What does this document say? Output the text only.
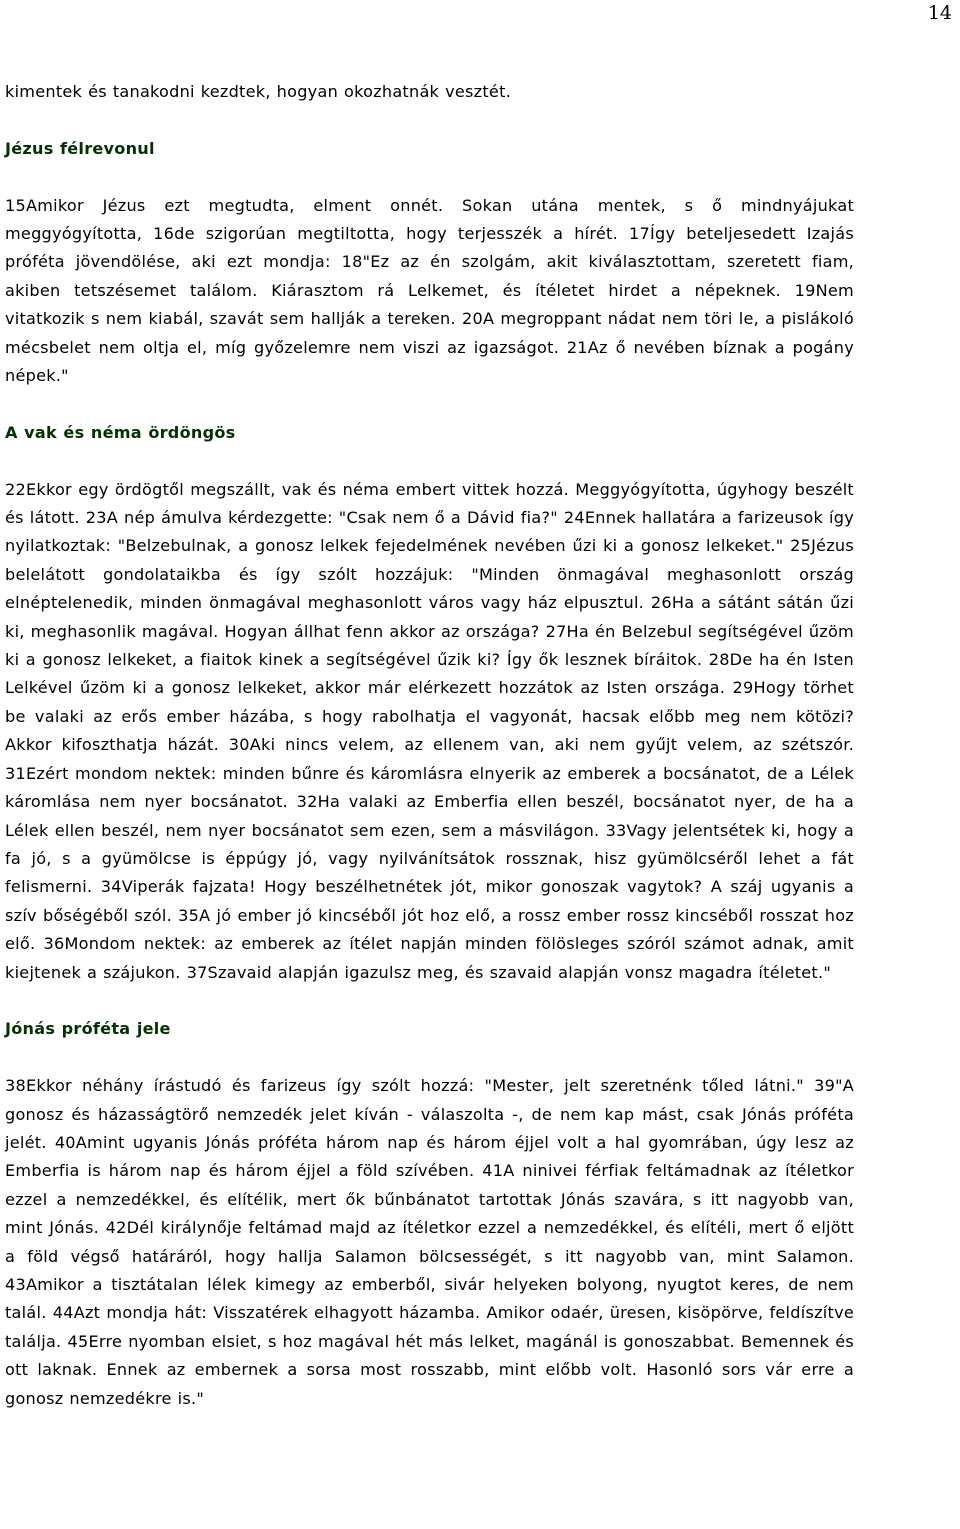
14

kimentek és tanakodni kezdtek, hogyan okozhatnák vesztét.

Jézus félrevonul

15Amikor Jézus ezt megtudta, elment onnét. Sokan utána mentek, s ő mindnyájukat meggyógyította, 16de szigorúan megtiltotta, hogy terjesszék a hírét. 17Így beteljesedett Izajás próféta jövendölése, aki ezt mondja: 18"Ez az én szolgám, akit kiválasztottam, szeretett fiam, akiben tetszésemet találom. Kiárasztom rá Lelkemet, és ítéletet hirdet a népeknek. 19Nem vitatkozik s nem kiabál, szavát sem hallják a tereken. 20A megroppant nádat nem töri le, a pislákoló mécsbelet nem oltja el, míg győzelemre nem viszi az igazságot. 21Az ő nevében bíznak a pogány népek."

A vak és néma ördöngös

22Ekkor egy ördögtől megszállt, vak és néma embert vittek hozzá. Meggyógyította, úgyhogy beszélt és látott. 23A nép ámulva kérdezgette: "Csak nem ő a Dávid fia?" 24Ennek hallatára a farizeusok így nyilatkoztak: "Belzebulnak, a gonosz lelkek fejedelmének nevében űzi ki a gonosz lelkeket." 25Jézus belelátott gondolataikba és így szólt hozzájuk: "Minden önmagával meghasonlott ország elnéptelenedik, minden önmagával meghasonlott város vagy ház elpusztul. 26Ha a sátánt sátán űzi ki, meghasonlik magával. Hogyan állhat fenn akkor az országa? 27Ha én Belzebul segítségével űzöm ki a gonosz lelkeket, a fiaitok kinek a segítségével űzik ki? Így ők lesznek bíráitok. 28De ha én Isten Lelkével űzöm ki a gonosz lelkeket, akkor már elérkezett hozzátok az Isten országa. 29Hogy törhet be valaki az erős ember házába, s hogy rabolhatja el vagyonát, hacsak előbb meg nem kötözi? Akkor kifoszthatja házát. 30Aki nincs velem, az ellenem van, aki nem gyűjt velem, az szétszór. 31Ezért mondom nektek: minden bűnre és káromlásra elnyerik az emberek a bocsánatot, de a Lélek káromlása nem nyer bocsánatot. 32Ha valaki az Emberfia ellen beszél, bocsánatot nyer, de ha a Lélek ellen beszél, nem nyer bocsánatot sem ezen, sem a másvilágon. 33Vagy jelentsétek ki, hogy a fa jó, s a gyümölcse is éppúgy jó, vagy nyilvánítsátok rossznak, hisz gyümölcséről lehet a fát felismerni. 34Viperák fajzata! Hogy beszélhetnétek jót, mikor gonoszak vagytok? A száj ugyanis a szív bőségéből szól. 35A jó ember jó kincséből jót hoz elő, a rossz ember rossz kincséből rosszat hoz elő. 36Mondom nektek: az emberek az ítélet napján minden fölösleges szóról számot adnak, amit kiejtenek a szájukon. 37Szavaid alapján igazulsz meg, és szavaid alapján vonsz magadra ítéletet."

Jónás próféta jele

38Ekkor néhány írástudó és farizeus így szólt hozzá: "Mester, jelt szeretnénk tőled látni." 39"A gonosz és házasságtörő nemzedék jelet kíván - válaszolta -, de nem kap mást, csak Jónás próféta jelét. 40Amint ugyanis Jónás próféta három nap és három éjjel volt a hal gyomrában, úgy lesz az Emberfia is három nap és három éjjel a föld szívében. 41A ninivei férfiak feltámadnak az ítéletkor ezzel a nemzedékkel, és elítélik, mert ők bűnbánatot tartottak Jónás szavára, s itt nagyobb van, mint Jónás. 42Dél királynője feltámad majd az ítéletkor ezzel a nemzedékkel, és elítéli, mert ő eljött a föld végső határáról, hogy hallja Salamon bölcsességét, s itt nagyobb van, mint Salamon. 43Amikor a tisztátalan lélek kimegy az emberből, sivár helyeken bolyong, nyugtot keres, de nem talál. 44Azt mondja hát: Visszatérek elhagyott házamba. Amikor odaér, üresen, kisöpörve, feldíszítve találja. 45Erre nyomban elsiet, s hoz magával hét más lelket, magánál is gonoszabbat. Bemennek és ott laknak. Ennek az embernek a sorsa most rosszabb, mint előbb volt. Hasonló sors vár erre a gonosz nemzedékre is."
